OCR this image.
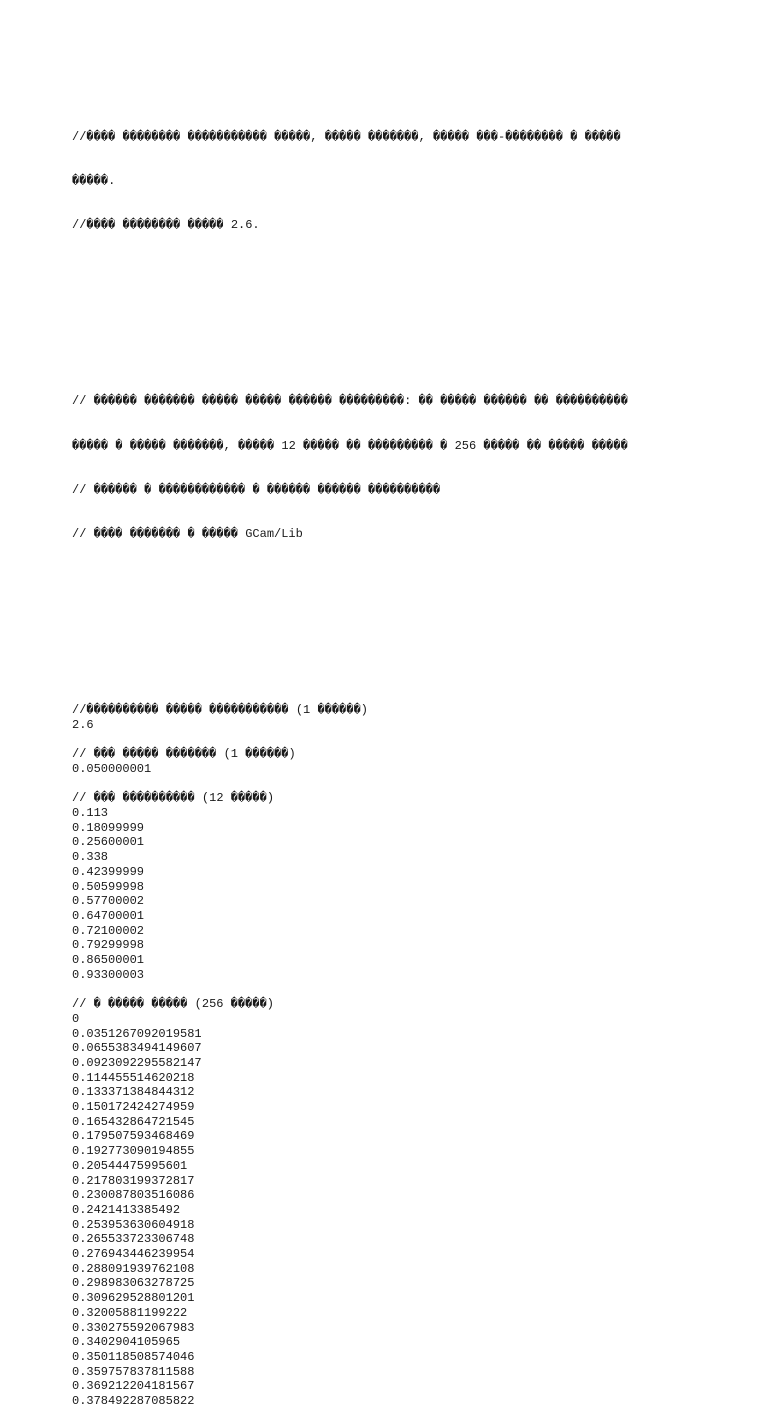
//���� �������� ����������� �����, ����� �������, ����� ���-�������� � �����

�����.

//���� �������� ����� 2.6.

// ������ ������� ����� ����� ������ ���������: �� ����� ������ �� ����������

����� � ����� �������, ����� 12 ����� �� ��������� � 256 ����� �� ����� �����

// ������ � ������������ � ������ ������ ����������

// ���� ������� � ����� GCam/Lib

//���������� ����� ����������� (1 ������)
2.6
// ��� ����� ������� (1 ������)
0.050000001
// ��� ���������� (12 �����)
0.113
0.18099999
0.25600001
0.338
0.42399999
0.50599998
0.57700002
0.64700001
0.72100002
0.79299998
0.86500001
0.93300003
// � ����� ����� (256 �����)
0
0.0351267092019581
0.0655383494149607
0.0923092295582147
0.114455514620218
0.133371384844312
0.150172424274959
0.165432864721545
0.179507593468469
0.192773090194855
0.20544475995601
0.217803199372817
0.230087803516086
0.2421413385492
0.253953630604918
0.265533723306748
0.276943446239954
0.288091939762108
0.298983063278725
0.309629528801201
0.32005881199222
0.330275592067983
0.3402904105965
0.350118508574046
0.359757837811588
0.369212204181567
0.378492287085822
